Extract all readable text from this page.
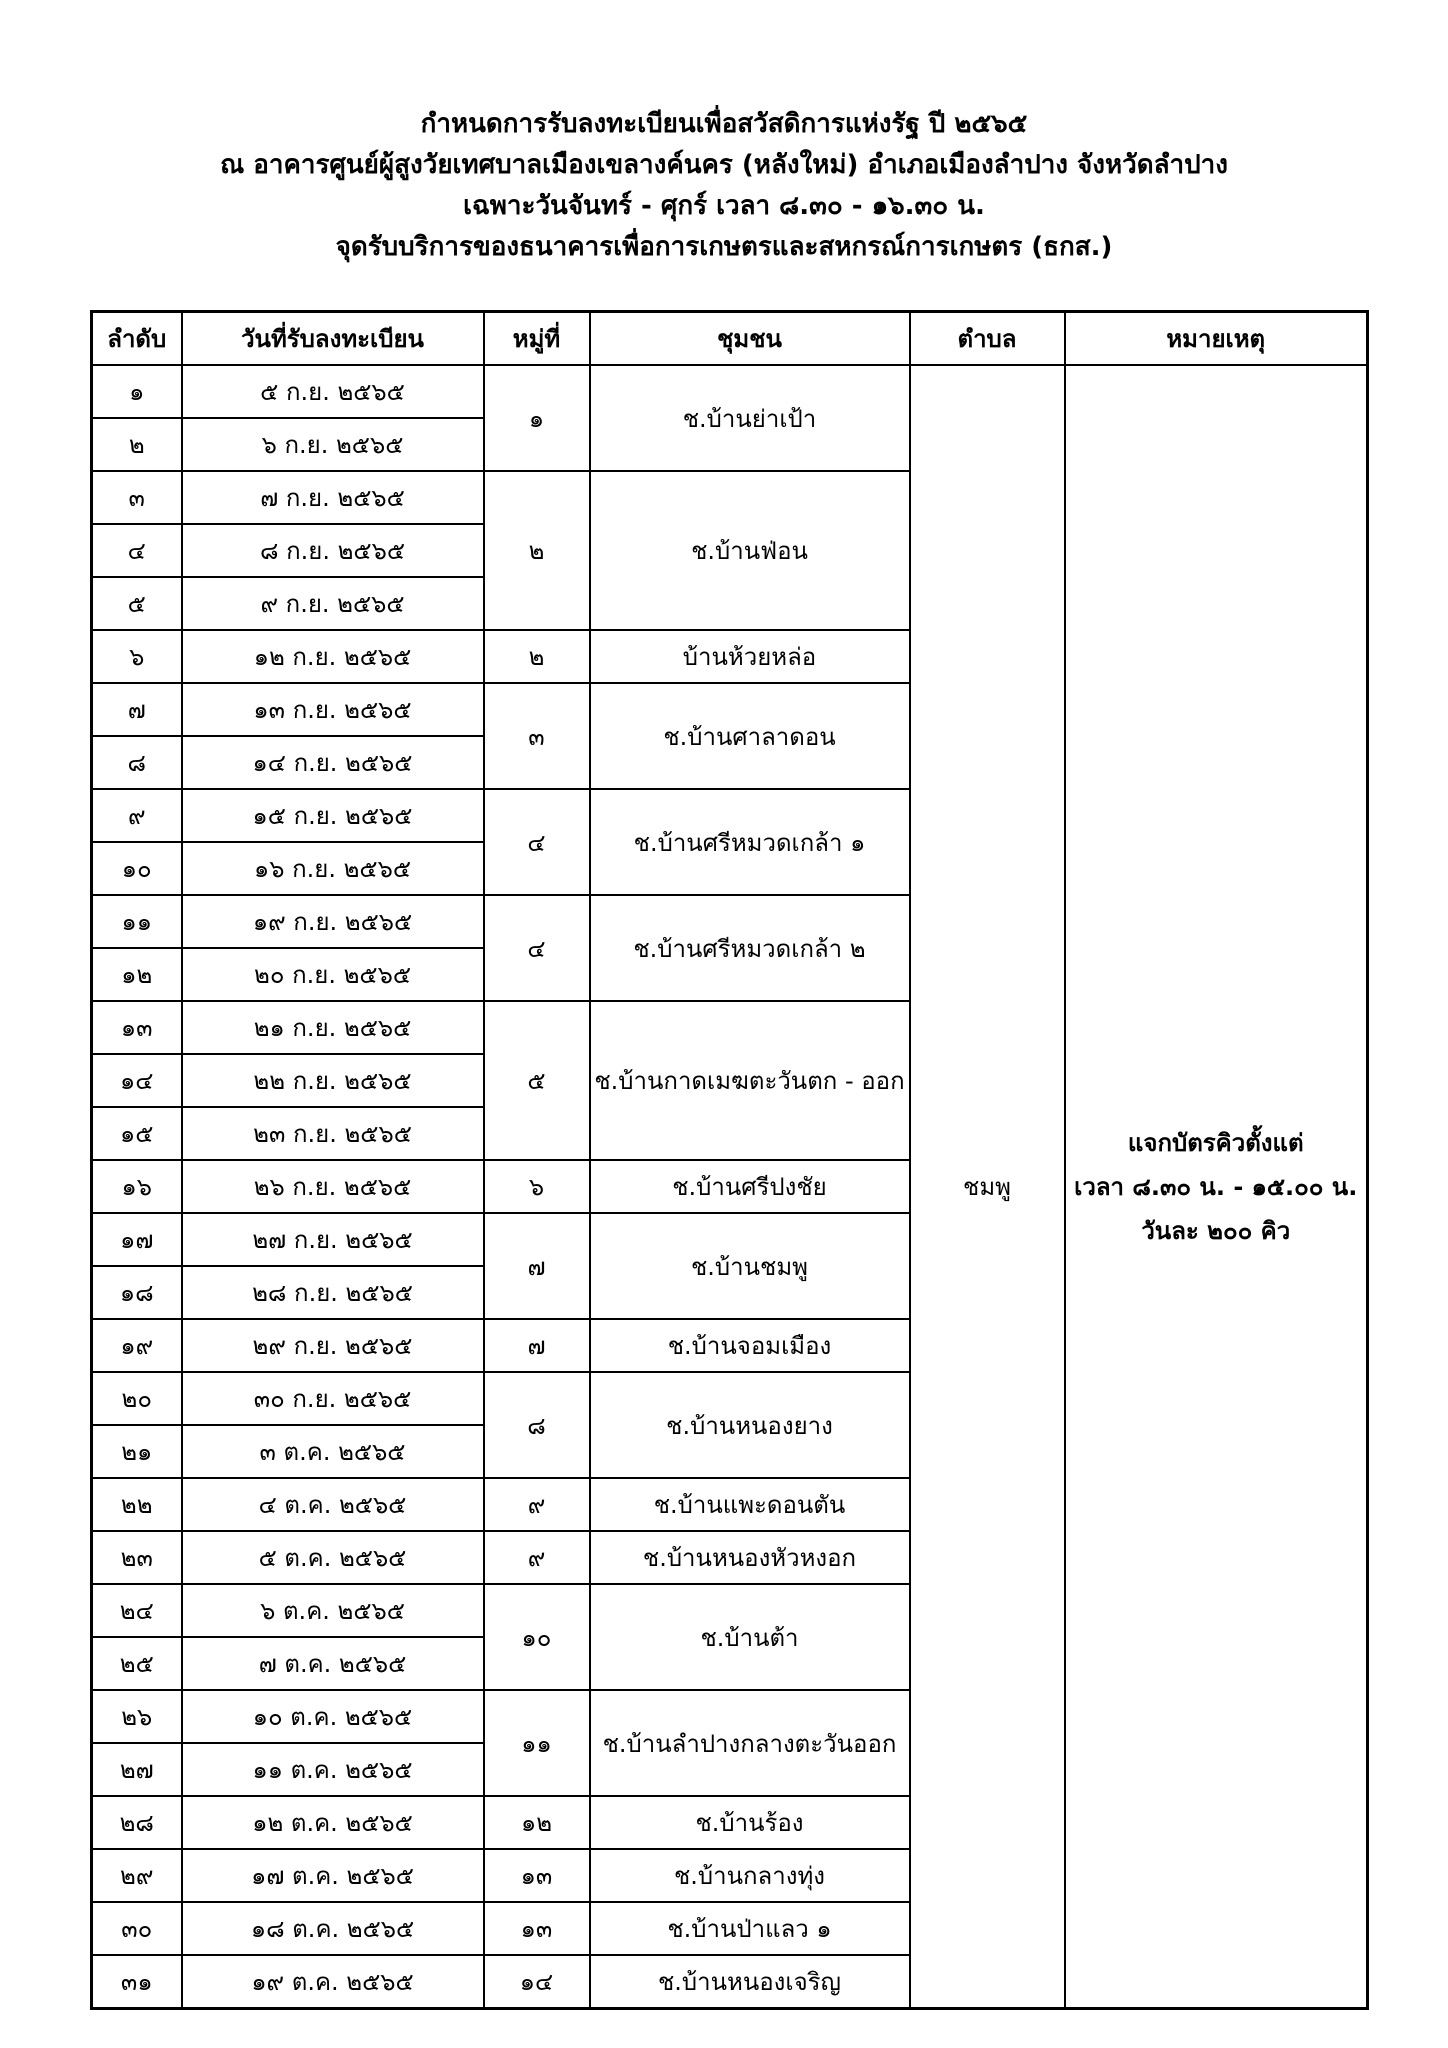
กำหนดการรับลงทะเบียนเพื่อสวัสดิการแห่งรัฐ ปี ๒๕๖๕
ณ อาคารศูนย์ผู้สูงวัยเทศบาลเมืองเขลางค์นคร (หลังใหม่) อำเภอเมืองลำปาง จังหวัดลำปาง
เฉพาะวันจันทร์ - ศุกร์ เวลา ๘.๓๐ - ๑๖.๓๐ น.
จุดรับบริการของธนาคารเพื่อการเกษตรและสหกรณ์การเกษตร (ธกส.)
ลำดับ	วันที่รับลงทะเบียน	หมู่ที่	ชุมชน	ตำบล	หมายเหตุ
๑	๕ ก.ย. ๒๕๖๕	๑	ช.บ้านย่าเป้า	ชมพู	แจกบัตรคิวตั้งแต่
เวลา ๘.๓๐ น. - ๑๕.๐๐ น.
วันละ ๒๐๐ คิว

๒	๖ ก.ย. ๒๕๖๕				
๓	๗ ก.ย. ๒๕๖๕	๒	ช.บ้านฟ่อน		
๔	๘ ก.ย. ๒๕๖๕				
๕	๙ ก.ย. ๒๕๖๕				
๖	๑๒ ก.ย. ๒๕๖๕	๒	บ้านห้วยหล่อ		
๗	๑๓ ก.ย. ๒๕๖๕	๓	ช.บ้านศาลาดอน		
๘	๑๔ ก.ย. ๒๕๖๕				
๙	๑๕ ก.ย. ๒๕๖๕	๔	ช.บ้านศรีหมวดเกล้า ๑		
๑๐	๑๖ ก.ย. ๒๕๖๕				
๑๑	๑๙ ก.ย. ๒๕๖๕	๔	ช.บ้านศรีหมวดเกล้า ๒		
๑๒	๒๐ ก.ย. ๒๕๖๕				
๑๓	๒๑ ก.ย. ๒๕๖๕	๕	ช.บ้านกาดเมฆตะวันตก - ออก		
๑๔	๒๒ ก.ย. ๒๕๖๕				
๑๕	๒๓ ก.ย. ๒๕๖๕				
๑๖	๒๖ ก.ย. ๒๕๖๕	๖	ช.บ้านศรีปงชัย		
๑๗	๒๗ ก.ย. ๒๕๖๕	๗	ช.บ้านชมพู		
๑๘	๒๘ ก.ย. ๒๕๖๕				
๑๙	๒๙ ก.ย. ๒๕๖๕	๗	ช.บ้านจอมเมือง		
๒๐	๓๐ ก.ย. ๒๕๖๕	๘	ช.บ้านหนองยาง		
๒๑	๓ ต.ค. ๒๕๖๕				
๒๒	๔ ต.ค. ๒๕๖๕	๙	ช.บ้านแพะดอนตัน		
๒๓	๕ ต.ค. ๒๕๖๕	๙	ช.บ้านหนองหัวหงอก		
๒๔	๖ ต.ค. ๒๕๖๕	๑๐	ช.บ้านต้า		
๒๕	๗ ต.ค. ๒๕๖๕				
๒๖	๑๐ ต.ค. ๒๕๖๕	๑๑	ช.บ้านลำปางกลางตะวันออก		
๒๗	๑๑ ต.ค. ๒๕๖๕				
๒๘	๑๒ ต.ค. ๒๕๖๕	๑๒	ช.บ้านร้อง		
๒๙	๑๗ ต.ค. ๒๕๖๕	๑๓	ช.บ้านกลางทุ่ง		
๓๐	๑๘ ต.ค. ๒๕๖๕	๑๓	ช.บ้านป่าแลว ๑		
๓๑	๑๙ ต.ค. ๒๕๖๕	๑๔	ช.บ้านหนองเจริญ		
